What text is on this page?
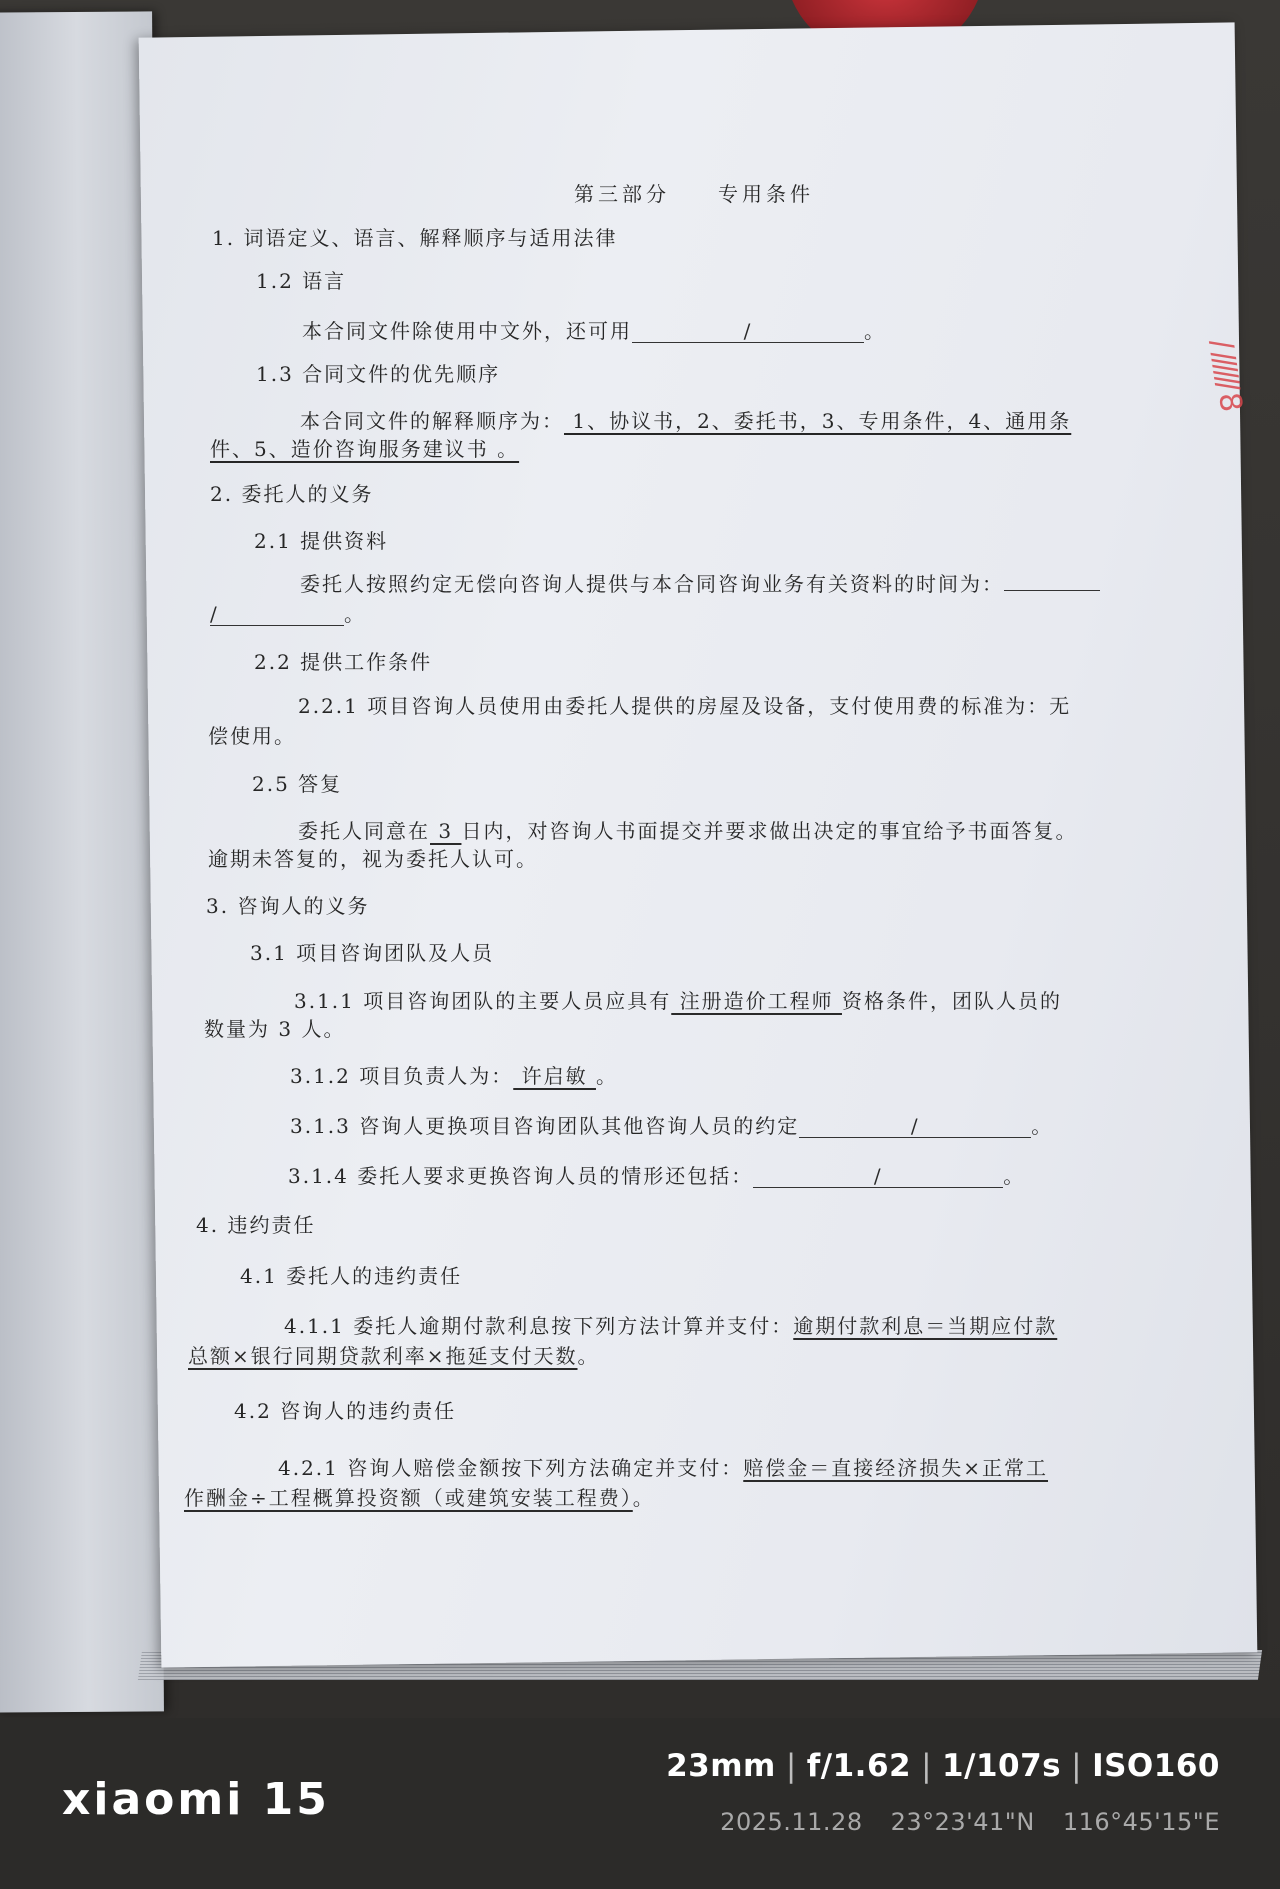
/ ////// 8
第三部分　　专用条件
1. 词语定义、语言、解释顺序与适用法律
1.2 语言
本合同文件除使用中文外，还可用	/	。
1.3 合同文件的优先顺序
本合同文件的解释顺序为： 1、协议书，2、委托书，3、专用条件，4、通用条
件、5、造价咨询服务建议书 。
2. 委托人的义务
2.1 提供资料
委托人按照约定无偿向咨询人提供与本合同咨询业务有关资料的时间为：
/	。
2.2 提供工作条件
2.2.1 项目咨询人员使用由委托人提供的房屋及设备，支付使用费的标准为：无
偿使用。
2.5 答复
委托人同意在 3 日内，对咨询人书面提交并要求做出决定的事宜给予书面答复。
逾期未答复的，视为委托人认可。
3. 咨询人的义务
3.1 项目咨询团队及人员
3.1.1 项目咨询团队的主要人员应具有 注册造价工程师 资格条件，团队人员的
数量为 3 人。
3.1.2 项目负责人为： 许启敏 。
3.1.3 咨询人更换项目咨询团队其他咨询人员的约定	/	。
3.1.4 委托人要求更换咨询人员的情形还包括：	/	。
4. 违约责任
4.1 委托人的违约责任
4.1.1 委托人逾期付款利息按下列方法计算并支付：逾期付款利息＝当期应付款
总额×银行同期贷款利率×拖延支付天数。
4.2 咨询人的违约责任
4.2.1 咨询人赔偿金额按下列方法确定并支付：赔偿金＝直接经济损失×正常工
作酬金÷工程概算投资额（或建筑安装工程费）。
xiaomi 15
23mm | f/1.62 | 1/107s | ISO160
2025.11.28 23°23'41"N 116°45'15"E
